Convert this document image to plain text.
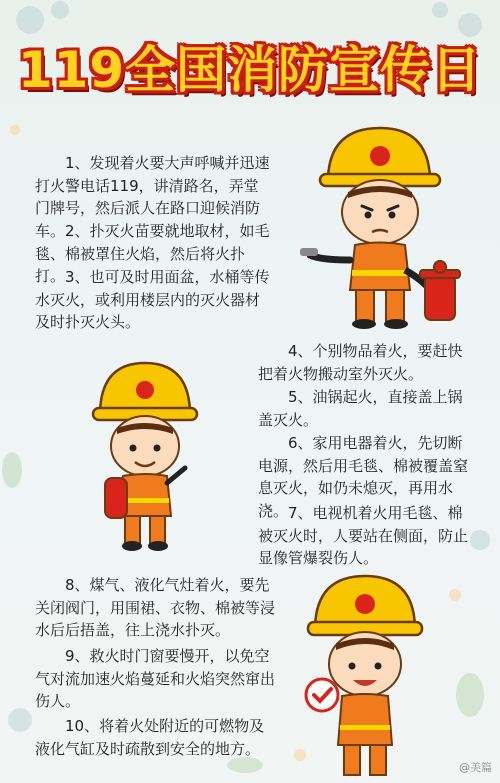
119全国消防宣传日

1、发现着火要大声呼喊并迅速打火警电话119，讲清路名，弄堂门牌号，然后派人在路口迎候消防车。 2、扑灭火苗要就地取材，如毛毯、棉被罩住火焰，然后将火扑打。 3、也可及时用面盆，水桶等传水灭火，或利用楼层内的灭火器材及时扑灭火头。

4、个别物品着火，要赶快把着火物搬动室外灭火。

5、油锅起火，直接盖上锅盖灭火。

6、家用电器着火，先切断电源，然后用毛毯、棉被覆盖窒息灭火，如仍未熄灭，再用水浇。 7、电视机着火用毛毯、棉被灭火时，人要站在侧面，防止显像管爆裂伤人。

8、煤气、液化气灶着火，要先关闭阀门，用围裙、衣物、棉被等浸水后后捂盖，往上浇水扑灭。

9、救火时门窗要慢开，以免空气对流加速火焰蔓延和火焰突然窜出伤人。

10、将着火处附近的可燃物及液化气缸及时疏散到安全的地方。

@美篇
